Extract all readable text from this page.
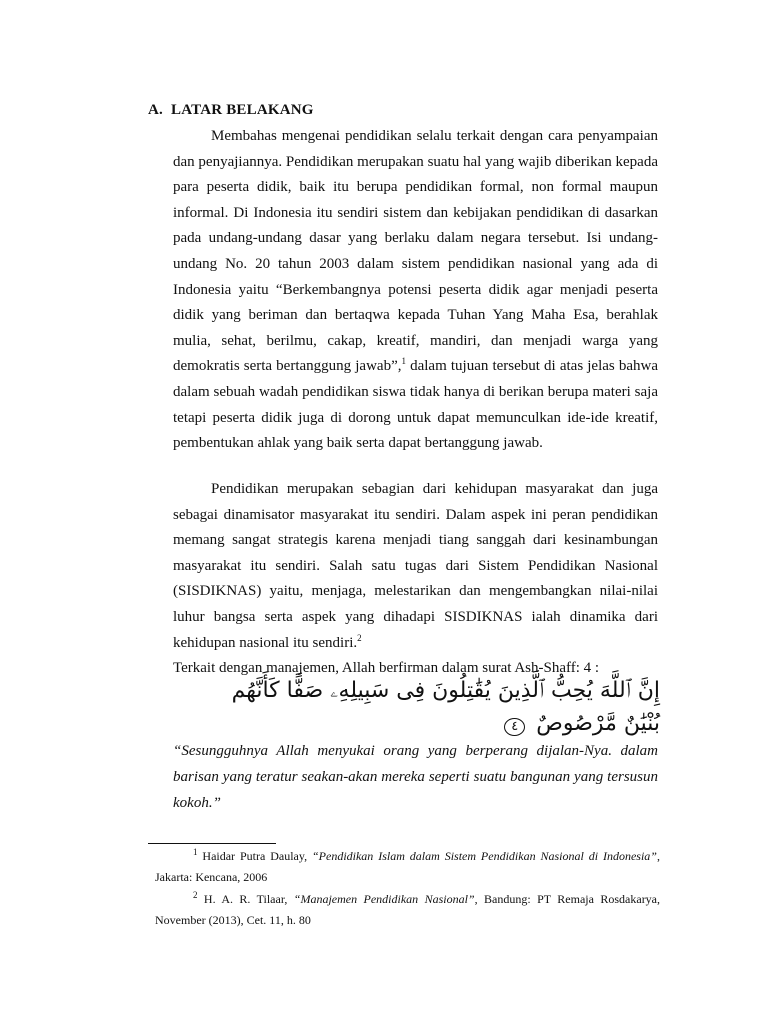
A. LATAR BELAKANG

Membahas mengenai pendidikan selalu terkait dengan cara penyampaian dan penyajiannya. Pendidikan merupakan suatu hal yang wajib diberikan kepada para peserta didik, baik itu berupa pendidikan formal, non formal maupun informal. Di Indonesia itu sendiri sistem dan kebijakan pendidikan di dasarkan pada undang-undang dasar yang berlaku dalam negara tersebut. Isi undang-undang No. 20 tahun 2003 dalam sistem pendidikan nasional yang ada di Indonesia yaitu “Berkembangnya potensi peserta didik agar menjadi peserta didik yang beriman dan bertaqwa kepada Tuhan Yang Maha Esa, berahlak mulia, sehat, berilmu, cakap, kreatif, mandiri, dan menjadi warga yang demokratis serta bertanggung jawab”,$^1$ dalam tujuan tersebut di atas jelas bahwa dalam sebuah wadah pendidikan siswa tidak hanya di berikan berupa materi saja tetapi peserta didik juga di dorong untuk dapat memunculkan ide-ide kreatif, pembentukan ahlak yang baik serta dapat bertanggung jawab.

Pendidikan merupakan sebagian dari kehidupan masyarakat dan juga sebagai dinamisator masyarakat itu sendiri. Dalam aspek ini peran pendidikan memang sangat strategis karena menjadi tiang sanggah dari kesinambungan masyarakat itu sendiri. Salah satu tugas dari Sistem Pendidikan Nasional (SISDIKNAS) yaitu, menjaga, melestarikan dan mengembangkan nilai-nilai luhur bangsa serta aspek yang dihadapi SISDIKNAS ialah dinamika dari kehidupan nasional itu sendiri.$^2$

Terkait dengan manajemen, Allah berfirman dalam surat Ash-Shaff: 4 :

إِنَّ ٱللَّهَ يُحِبُّ ٱلَّذِينَ يُقَٰتِلُونَ فِى سَبِيلِهِۦ صَفًّا كَأَنَّهُم بُنْيَٰنٌ مَّرْصُوصٌ ٤

“Sesungguhnya Allah menyukai orang yang berperang dijalan-Nya. dalam barisan yang teratur seakan-akan mereka seperti suatu bangunan yang tersusun kokoh.”

$^1$ Haidar Putra Daulay, “Pendidikan Islam dalam Sistem Pendidikan Nasional di Indonesia”, Jakarta: Kencana, 2006

$^2$ H. A. R. Tilaar, “Manajemen Pendidikan Nasional”, Bandung: PT Remaja Rosdakarya, November (2013), Cet. 11, h. 80
